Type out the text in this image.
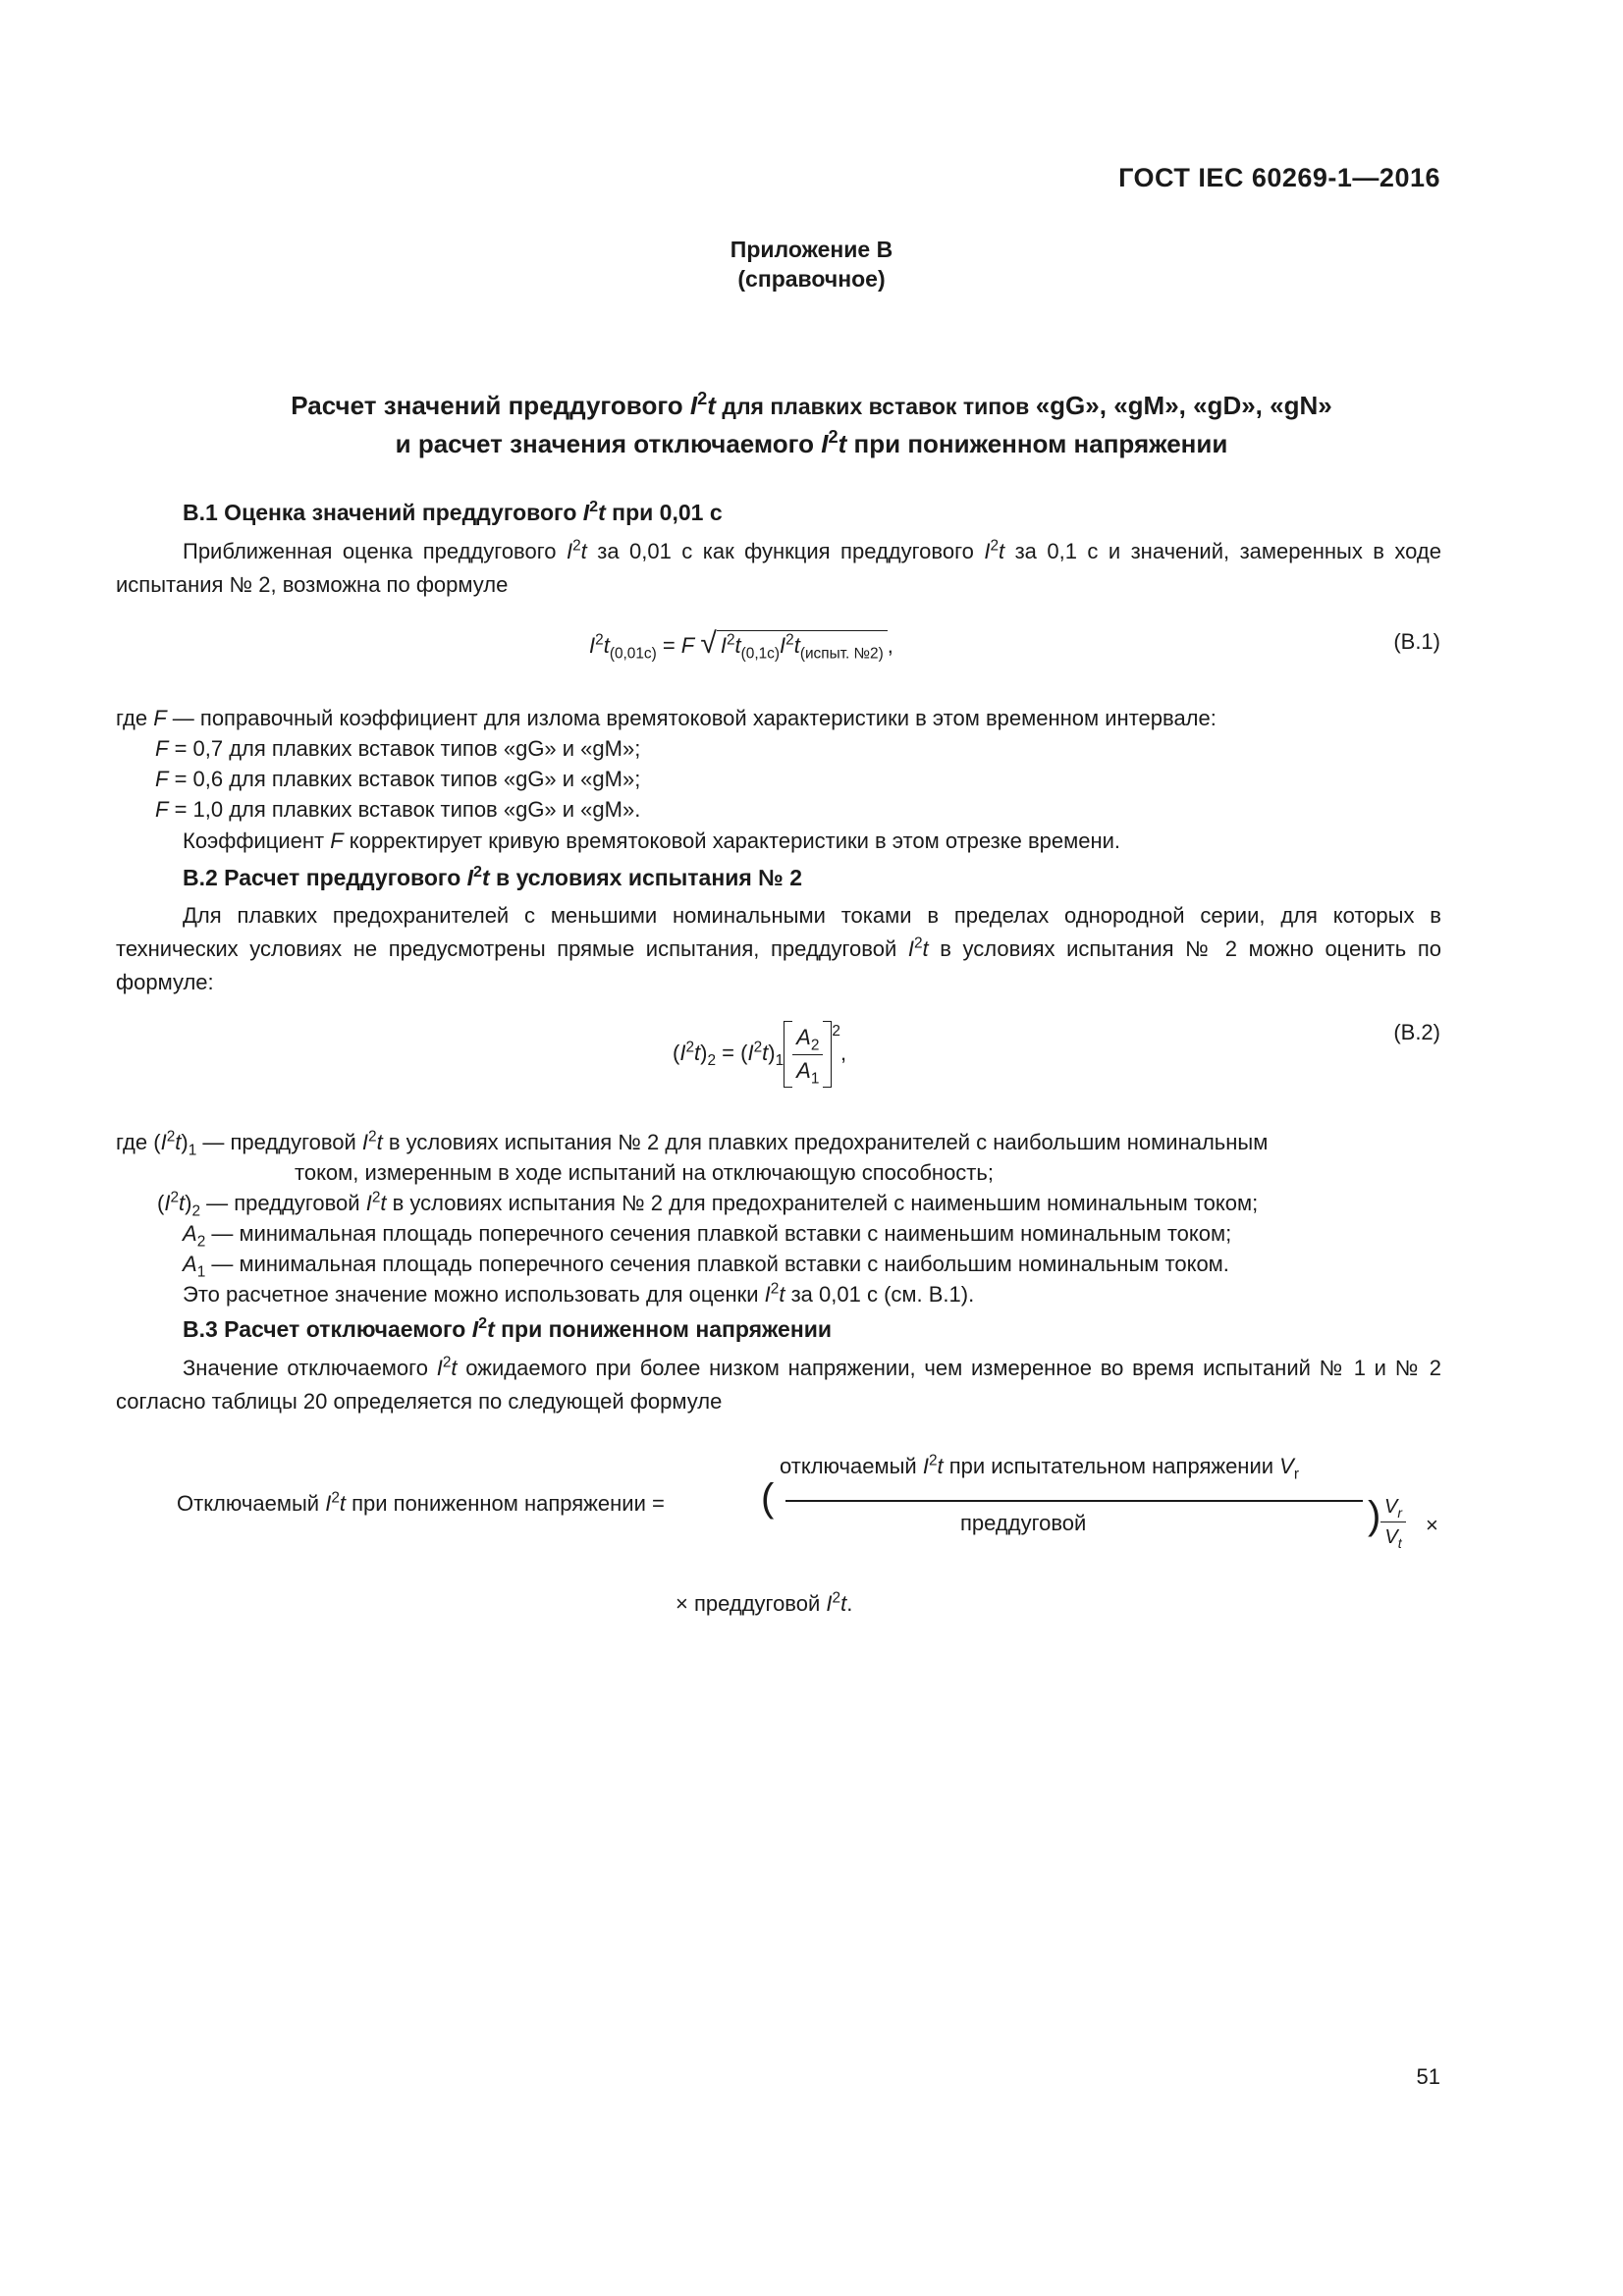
ГОСТ IEC 60269-1—2016
Приложение В
(справочное)
Расчет значений преддугового $I^2t$ для плавких вставок типов «gG», «gM», «gD», «gN»
и расчет значения отключаемого $I^2t$ при пониженном напряжении
В.1 Оценка значений преддугового $I^2t$ при 0,01 с
Приближенная оценка преддугового $I^2t$ за 0,01 с как функция преддугового $I^2t$ за 0,1 с и значений, замеренных в ходе испытания № 2, возможна по формуле
$I^2t_{(0,01с)} = F$ √ $I^2t_{(0,1с)}I^2t_{(испыт. №2)}$ ,	(В.1)
где F — поправочный коэффициент для излома времятоковой характеристики в этом временном интервале:
F = 0,7 для плавких вставок типов «gG» и «gM»;
F = 0,6 для плавких вставок типов «gG» и «gM»;
F = 1,0 для плавких вставок типов «gG» и «gM».
Коэффициент F корректирует кривую времятоковой характеристики в этом отрезке времени.
В.2 Расчет преддугового $I^2t$ в условиях испытания № 2
Для плавких предохранителей с меньшими номинальными токами в пределах однородной серии, для которых в технических условиях не предусмотрены прямые испытания, преддуговой $I^2t$ в условиях испытания № 2 можно оценить по формуле:
$(I^2t)_2 = (I^2t)_1 \frac{A_2}{A_1} ^2$,
(В.2)
где $(I^2t)_1$ — преддуговой $I^2t$ в условиях испытания № 2 для плавких предохранителей с наибольшим номинальным
током, измеренным в ходе испытаний на отключающую способность;
$(I^2t)_2$ — преддуговой $I^2t$ в условиях испытания № 2 для предохранителей с наименьшим номинальным током;
$A_2$ — минимальная площадь поперечного сечения плавкой вставки с наименьшим номинальным током;
$A_1$ — минимальная площадь поперечного сечения плавкой вставки с наибольшим номинальным током.
Это расчетное значение можно использовать для оценки $I^2t$ за 0,01 с (см. В.1).
В.3 Расчет отключаемого $I^2t$ при пониженном напряжении
Значение отключаемого $I^2t$ ожидаемого при более низком напряжении, чем измеренное во время испытаний № 1 и № 2 согласно таблицы 20 определяется по следующей формуле
Отключаемый $I^2t$ при пониженном напряжении = (
отключаемый $I^2t$ при испытательном напряжении $V_r$
преддуговой	) $\frac{V_r}{V_t}$ ×
× преддуговой $I^2t$.
51
